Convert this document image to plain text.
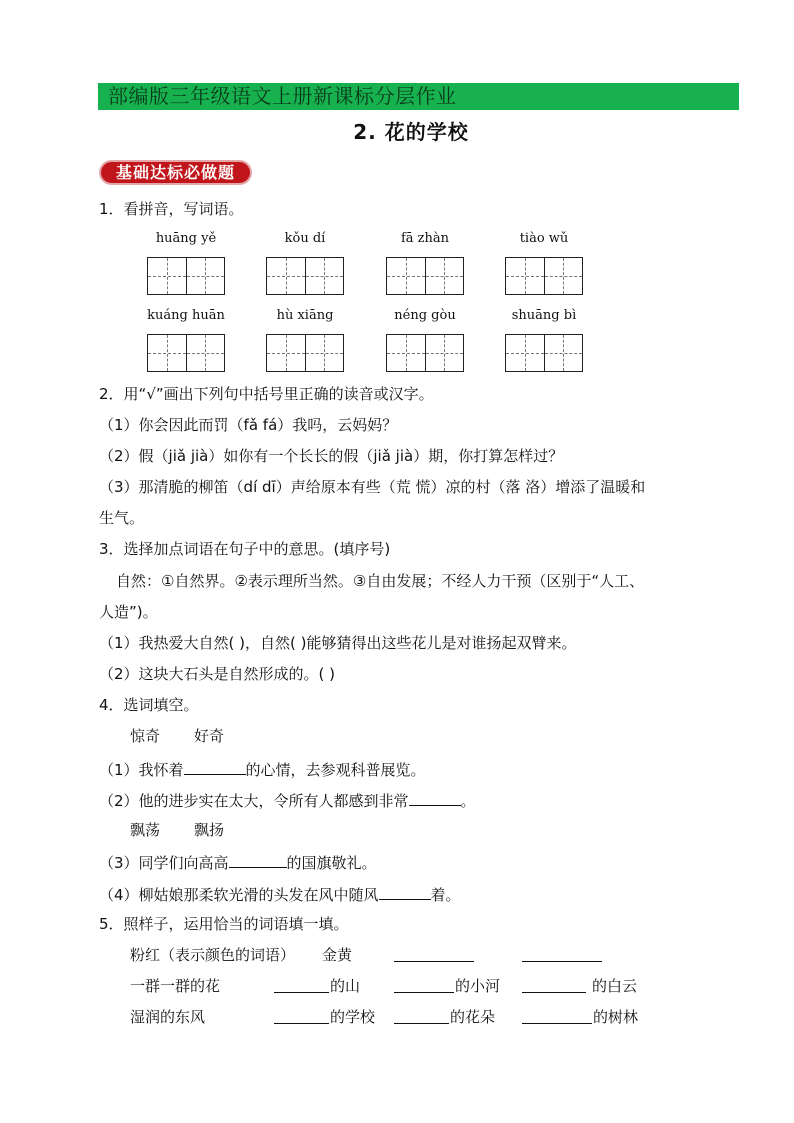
部编版三年级语文上册新课标分层作业
2. 花的学校
基础达标必做题
1．看拼音，写词语。
huāng yě	kǒu dí	fā zhàn	tiào wǔ
kuáng huān	hù xiāng	néng gòu	shuāng bì
2．用“√”画出下列句中括号里正确的读音或汉字。
（1）你会因此而罚（fǎ fá）我吗，云妈妈？
（2）假（jiǎ jià）如你有一个长长的假（jiǎ jià）期，你打算怎样过？
（3）那清脆的柳笛（dí dī）声给原本有些（荒 慌）凉的村（落 洛）增添了温暖和
生气。
3．选择加点词语在句子中的意思。(填序号)
自然：①自然界。②表示理所当然。③自由发展；不经人力干预（区别于“人工、
人造”)。
（1）我热爱大自然( )，自然( )能够猜得出这些花儿是对谁扬起双臂来。
（2）这块大石头是自然形成的。( )
4．选词填空。
惊奇 好奇
（1）我怀着	的心情，去参观科普展览。
（2）他的进步实在太大，令所有人都感到非常	。
飘荡 飘扬
（3）同学们向高高	的国旗敬礼。
（4）柳姑娘那柔软光滑的头发在风中随风	着。
5．照样子，运用恰当的词语填一填。
粉红（表示颜色的词语） 金黄
一群一群的花	的山	的小河	的白云
湿润的东风	的学校	的花朵	的树林
